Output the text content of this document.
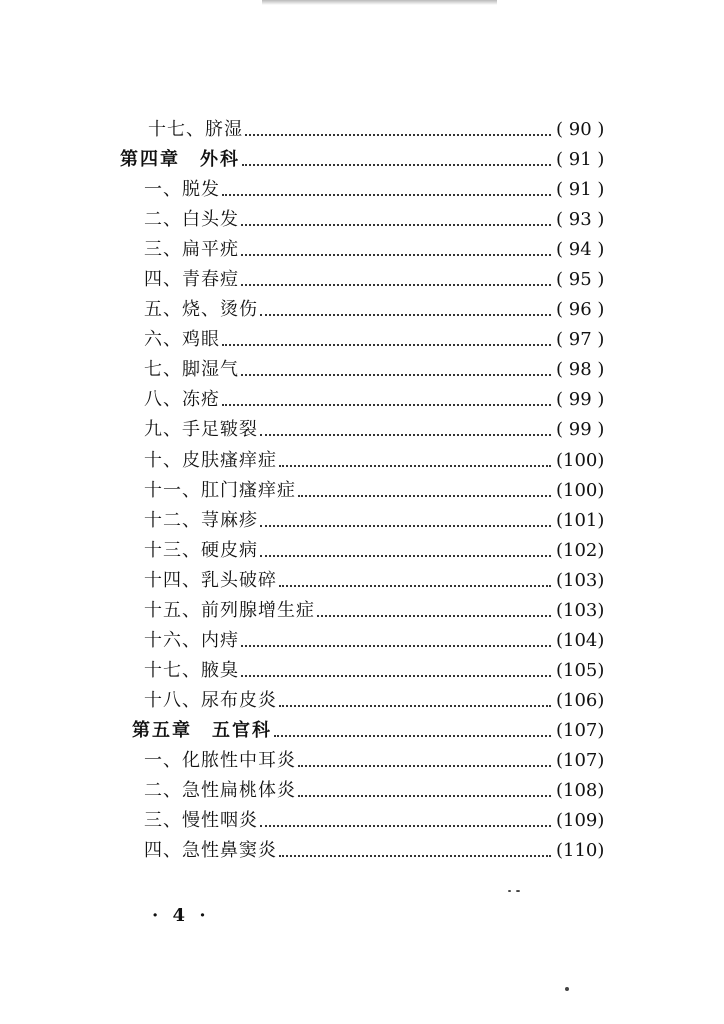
十七、脐湿	( 90 )
第四章　外科	( 91 )
一、脱发	( 91 )
二、白头发	( 93 )
三、扁平疣	( 94 )
四、青春痘	( 95 )
五、烧、烫伤	( 96 )
六、鸡眼	( 97 )
七、脚湿气	( 98 )
八、冻疮	( 99 )
九、手足皲裂	( 99 )
十、皮肤瘙痒症	(100)
十一、肛门瘙痒症	(100)
十二、荨麻疹	(101)
十三、硬皮病	(102)
十四、乳头破碎	(103)
十五、前列腺增生症	(103)
十六、内痔	(104)
十七、腋臭	(105)
十八、尿布皮炎	(106)
第五章　五官科	(107)
一、化脓性中耳炎	(107)
二、急性扁桃体炎	(108)
三、慢性咽炎	(109)
四、急性鼻窦炎	(110)
· 4 ·
